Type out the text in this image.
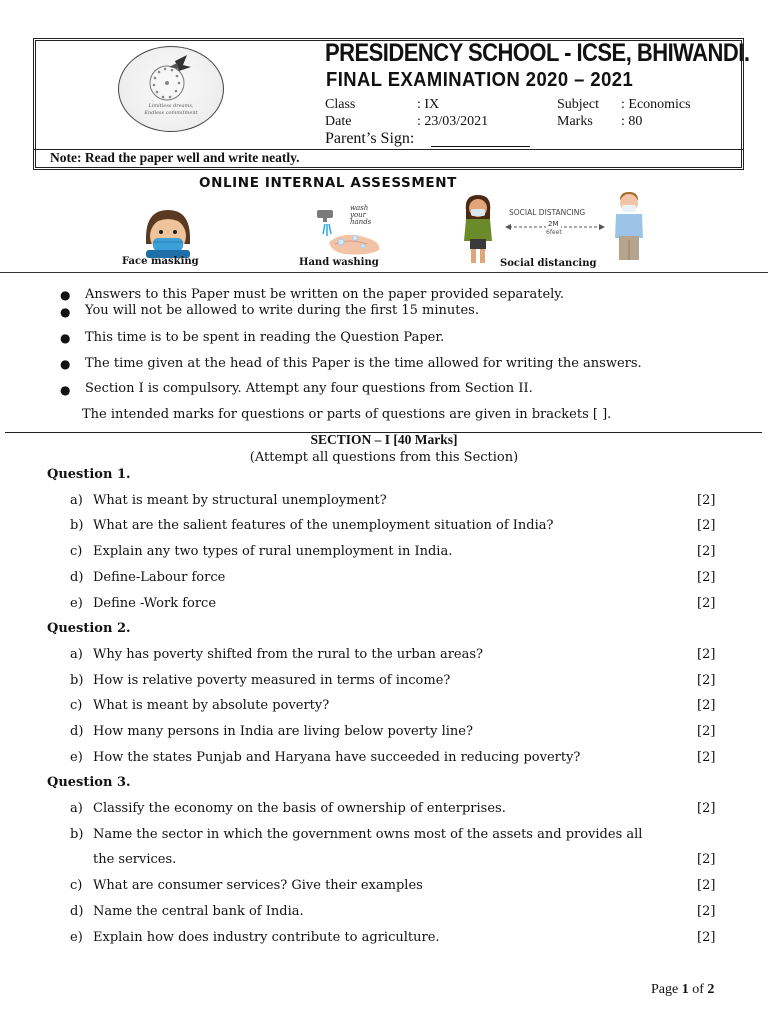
Limitless dreams,
Endless commitment
PRESIDENCY SCHOOL - ICSE, BHIWANDI.
FINAL EXAMINATION 2020 – 2021
Class	: IX	Subject : Economics
Date	: 23/03/2021	Marks : 80
Parent’s Sign:
Note: Read the paper well and write neatly.
ONLINE INTERNAL ASSESSMENT
wash
your
hands
SOCIAL DISTANCING
2M
6feet
Face masking	Hand washing	Social distancing
● Answers to this Paper must be written on the paper provided separately.
● You will not be allowed to write during the first 15 minutes.
● This time is to be spent in reading the Question Paper.
● The time given at the head of this Paper is the time allowed for writing the answers.
● Section I is compulsory. Attempt any four questions from Section II.
The intended marks for questions or parts of questions are given in brackets [ ].
SECTION – I [40 Marks]
(Attempt all questions from this Section)
Question 1.
a) What is meant by structural unemployment?	[2]
b) What are the salient features of the unemployment situation of India?	[2]
c) Explain any two types of rural unemployment in India.	[2]
d) Define-Labour force	[2]
e) Define -Work force	[2]
Question 2.
a) Why has poverty shifted from the rural to the urban areas?	[2]
b) How is relative poverty measured in terms of income?	[2]
c) What is meant by absolute poverty?	[2]
d) How many persons in India are living below poverty line?	[2]
e) How the states Punjab and Haryana have succeeded in reducing poverty?	[2]
Question 3.
a) Classify the economy on the basis of ownership of enterprises.	[2]
b) Name the sector in which the government owns most of the assets and provides all
the services.	[2]
c) What are consumer services? Give their examples	[2]
d) Name the central bank of India.	[2]
e) Explain how does industry contribute to agriculture.	[2]
Page 1 of 2
